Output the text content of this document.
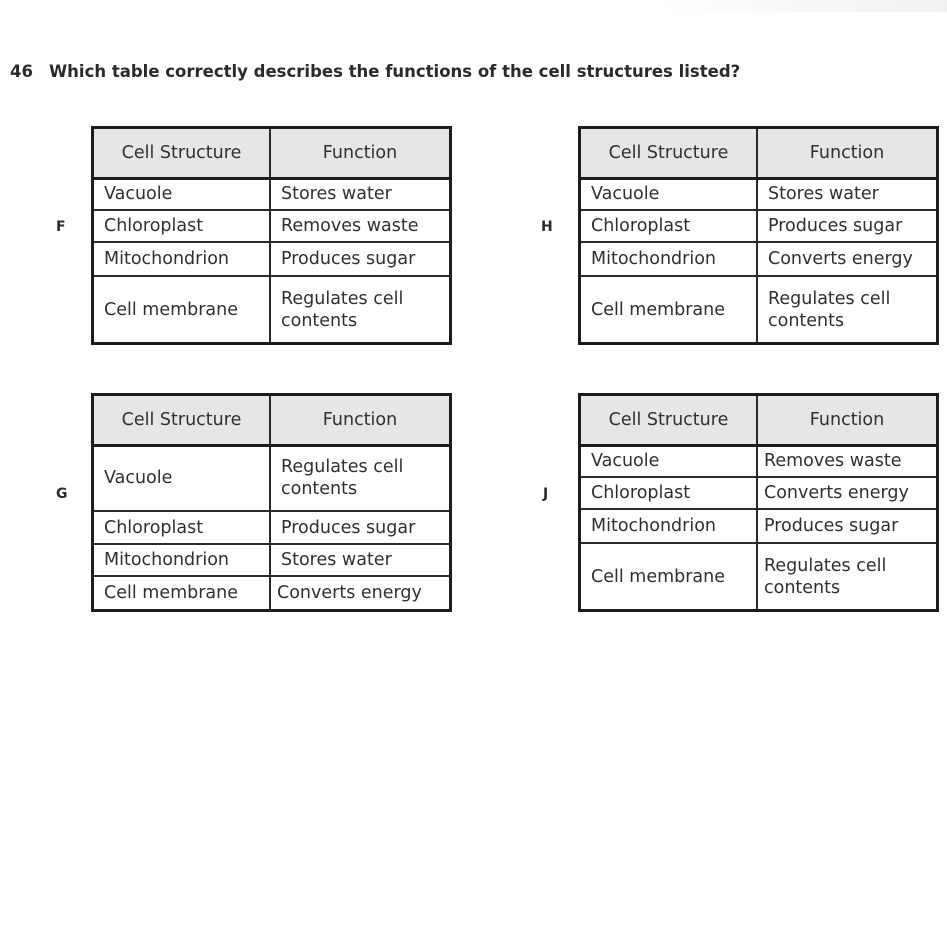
46 Which table correctly describes the functions of the cell structures listed?
F
Cell Structure	Function
Vacuole	Stores water
Chloroplast	Removes waste
Mitochondrion	Produces sugar
Cell membrane	Regulates cell contents
H
Cell Structure	Function
Vacuole	Stores water
Chloroplast	Produces sugar
Mitochondrion	Converts energy
Cell membrane	Regulates cell contents
G
Cell Structure	Function
Vacuole	Regulates cell contents
Chloroplast	Produces sugar
Mitochondrion	Stores water
Cell membrane	Converts energy
J
Cell Structure	Function
Vacuole	Removes waste
Chloroplast	Converts energy
Mitochondrion	Produces sugar
Cell membrane	Regulates cell contents
